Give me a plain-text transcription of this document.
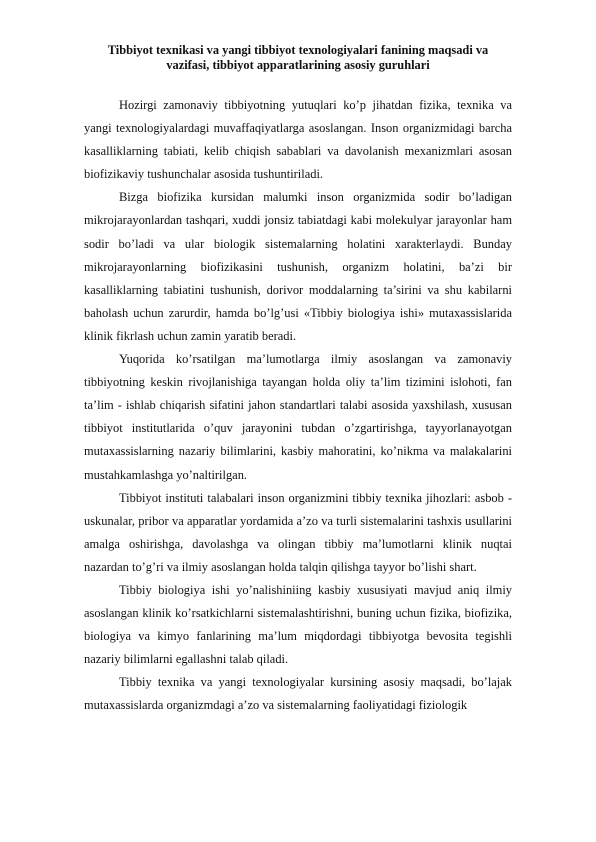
Tibbiyot texnikasi va yangi tibbiyot texnologiyalari fanining maqsadi va vazifasi, tibbiyot apparatlarining asosiy guruhlari

Hozirgi zamonaviy tibbiyotning yutuqlari ko’p jihatdan fizika, texnika va yangi texnologiyalardagi muvaffaqiyatlarga asoslangan. Inson organizmidagi barcha kasalliklarning tabiati, kelib chiqish sabablari va davolanish mexanizmlari asosan biofizikaviy tushunchalar asosida tushuntiriladi.

Bizga biofizika kursidan malumki inson organizmida sodir bo’ladigan mikrojarayonlardan tashqari, xuddi jonsiz tabiatdagi kabi molekulyar jarayonlar ham sodir bo’ladi va ular biologik sistemalarning holatini xarakterlaydi. Bunday mikrojarayonlarning biofizikasini tushunish, organizm holatini, ba’zi bir kasalliklarning tabiatini tushunish, dorivor moddalarning ta’sirini va shu kabilarni baholash uchun zarurdir, hamda bo’lg’usi «Tibbiy biologiya ishi» mutaxassislarida klinik fikrlash uchun zamin yaratib beradi.

Yuqorida ko’rsatilgan ma’lumotlarga ilmiy asoslangan va zamonaviy tibbiyotning keskin rivojlanishiga tayangan holda oliy ta’lim tizimini islohoti, fan ta’lim - ishlab chiqarish sifatini jahon standartlari talabi asosida yaxshilash, xususan tibbiyot institutlarida o’quv jarayonini tubdan o’zgartirishga, tayyorlanayotgan mutaxassislarning nazariy bilimlarini, kasbiy mahoratini, ko’nikma va malakalarini mustahkamlashga yo’naltirilgan.

Tibbiyot instituti talabalari inson organizmini tibbiy texnika jihozlari: asbob - uskunalar, pribor va apparatlar yordamida a’zo va turli sistemalarini tashxis usullarini amalga oshirishga, davolashga va olingan tibbiy ma’lumotlarni klinik nuqtai nazardan to’g’ri va ilmiy asoslangan holda talqin qilishga tayyor bo’lishi shart.

Tibbiy biologiya ishi yo’nalishiniing kasbiy xususiyati mavjud aniq ilmiy asoslangan klinik ko’rsatkichlarni sistemalashtirishni, buning uchun fizika, biofizika, biologiya va kimyo fanlarining ma’lum miqdordagi tibbiyotga bevosita tegishli nazariy bilimlarni egallashni talab qiladi.

Tibbiy texnika va yangi texnologiyalar kursining asosiy maqsadi, bo’lajak mutaxassislarda organizmdagi a’zo va sistemalarning faoliyatidagi fiziologik
